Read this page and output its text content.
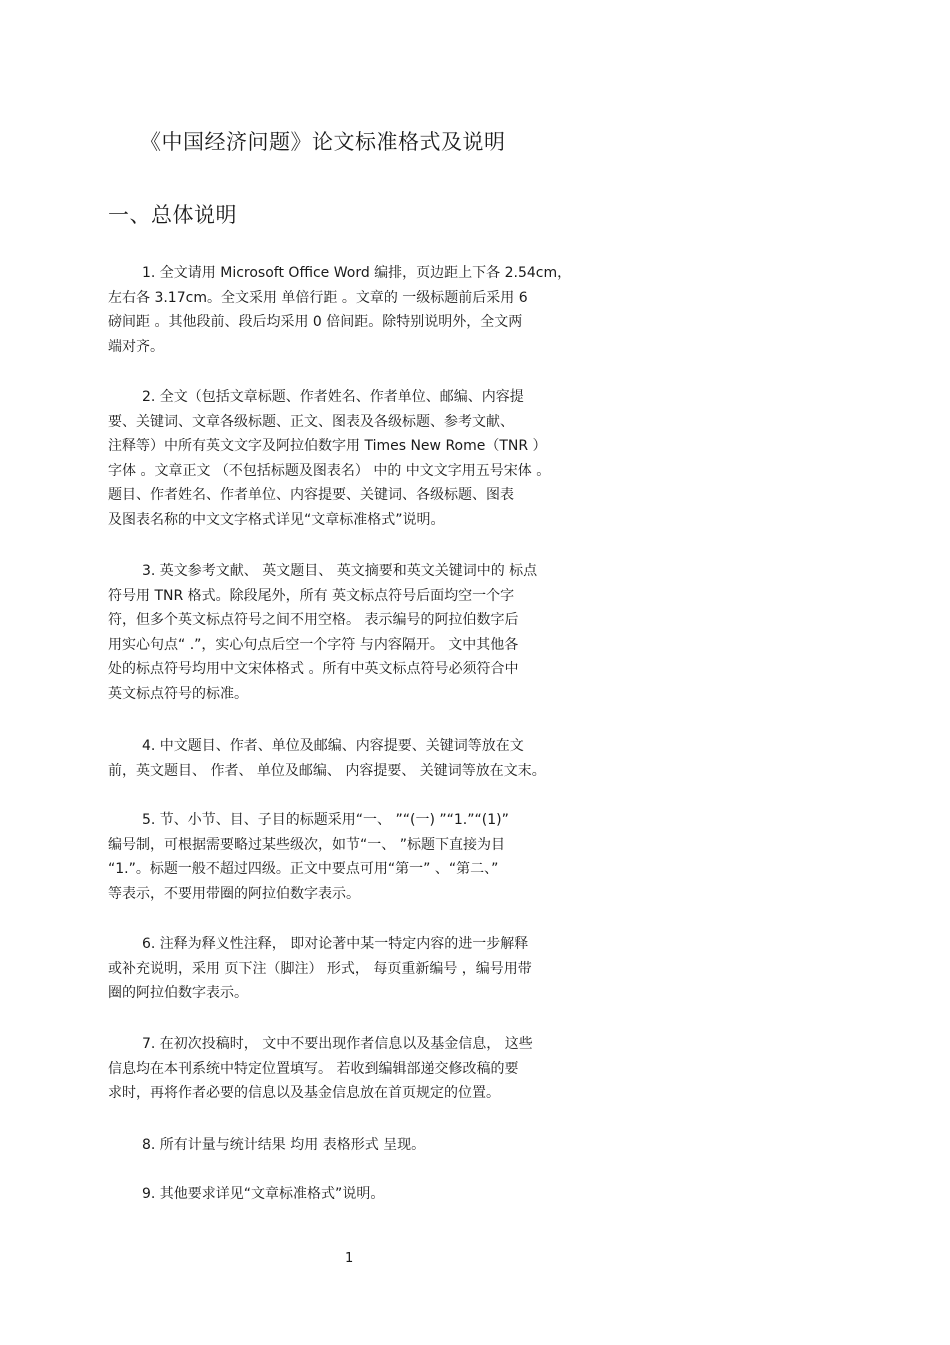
《中国经济问题》论文标准格式及说明
一、总体说明
1. 全文请用 Microsoft Office Word 编排，页边距上下各 2.54cm，
左右各 3.17cm。全文采用 单倍行距 。文章的 一级标题前后采用 6
磅间距 。其他段前、段后均采用 0 倍间距。除特别说明外，全文两
端对齐。
2. 全文（包括文章标题、作者姓名、作者单位、邮编、内容提
要、关键词、文章各级标题、正文、图表及各级标题、参考文献、
注释等）中所有英文文字及阿拉伯数字用 Times New Rome（TNR ）
字体 。文章正文 （不包括标题及图表名） 中的 中文文字用五号宋体 。
题目、作者姓名、作者单位、内容提要、关键词、各级标题、图表
及图表名称的中文文字格式详见“文章标准格式”说明。
3. 英文参考文献、 英文题目、 英文摘要和英文关键词中的 标点
符号用 TNR 格式。除段尾外，所有 英文标点符号后面均空一个字
符，但多个英文标点符号之间不用空格。 表示编号的阿拉伯数字后
用实心句点“ .”，实心句点后空一个字符 与内容隔开。 文中其他各
处的标点符号均用中文宋体格式 。所有中英文标点符号必须符合中
英文标点符号的标准。
4. 中文题目、作者、单位及邮编、内容提要、关键词等放在文
前，英文题目、 作者、 单位及邮编、 内容提要、 关键词等放在文末。
5. 节、小节、目、子目的标题采用“一、 ”“(一) ”“1.”“(1)”
编号制，可根据需要略过某些级次，如节“一、 ”标题下直接为目
“1.”。标题一般不超过四级。正文中要点可用“第一” 、“第二、”
等表示，不要用带圈的阿拉伯数字表示。
6. 注释为释义性注释， 即对论著中某一特定内容的进一步解释
或补充说明，采用 页下注（脚注） 形式， 每页重新编号 ，编号用带
圈的阿拉伯数字表示。
7. 在初次投稿时， 文中不要出现作者信息以及基金信息， 这些
信息均在本刊系统中特定位置填写。 若收到编辑部递交修改稿的要
求时，再将作者必要的信息以及基金信息放在首页规定的位置。
8. 所有计量与统计结果 均用 表格形式 呈现。
9. 其他要求详见“文章标准格式”说明。
1
